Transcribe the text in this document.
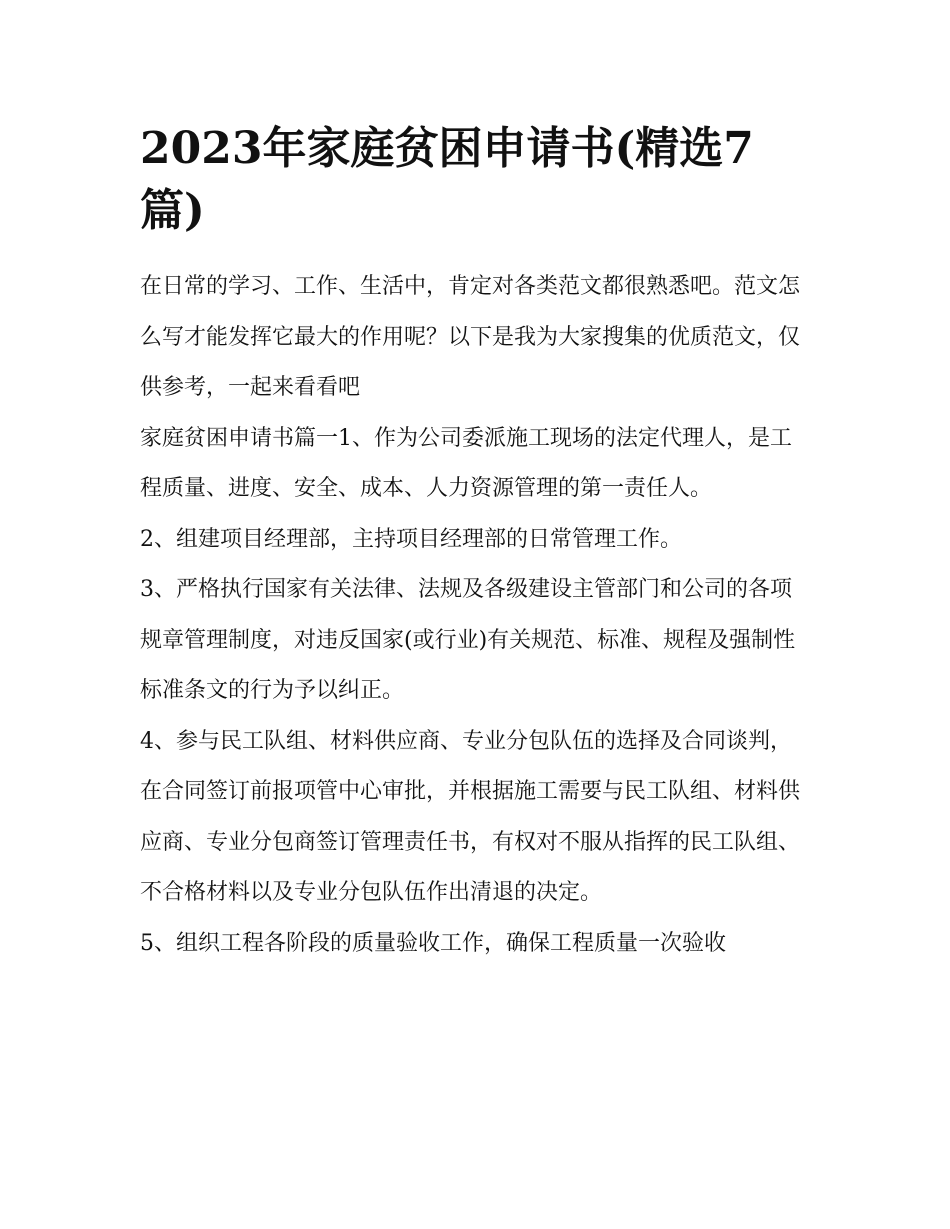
2023年家庭贫困申请书(精选7篇)

在日常的学习、工作、生活中，肯定对各类范文都很熟悉吧。范文怎么写才能发挥它最大的作用呢？以下是我为大家搜集的优质范文，仅供参考，一起来看看吧

家庭贫困申请书篇一1、作为公司委派施工现场的法定代理人，是工程质量、进度、安全、成本、人力资源管理的第一责任人。

2、组建项目经理部，主持项目经理部的日常管理工作。

3、严格执行国家有关法律、法规及各级建设主管部门和公司的各项规章管理制度，对违反国家(或行业)有关规范、标准、规程及强制性标准条文的行为予以纠正。

4、参与民工队组、材料供应商、专业分包队伍的选择及合同谈判，在合同签订前报项管中心审批，并根据施工需要与民工队组、材料供应商、专业分包商签订管理责任书，有权对不服从指挥的民工队组、不合格材料以及专业分包队伍作出清退的决定。

5、组织工程各阶段的质量验收工作，确保工程质量一次验收
